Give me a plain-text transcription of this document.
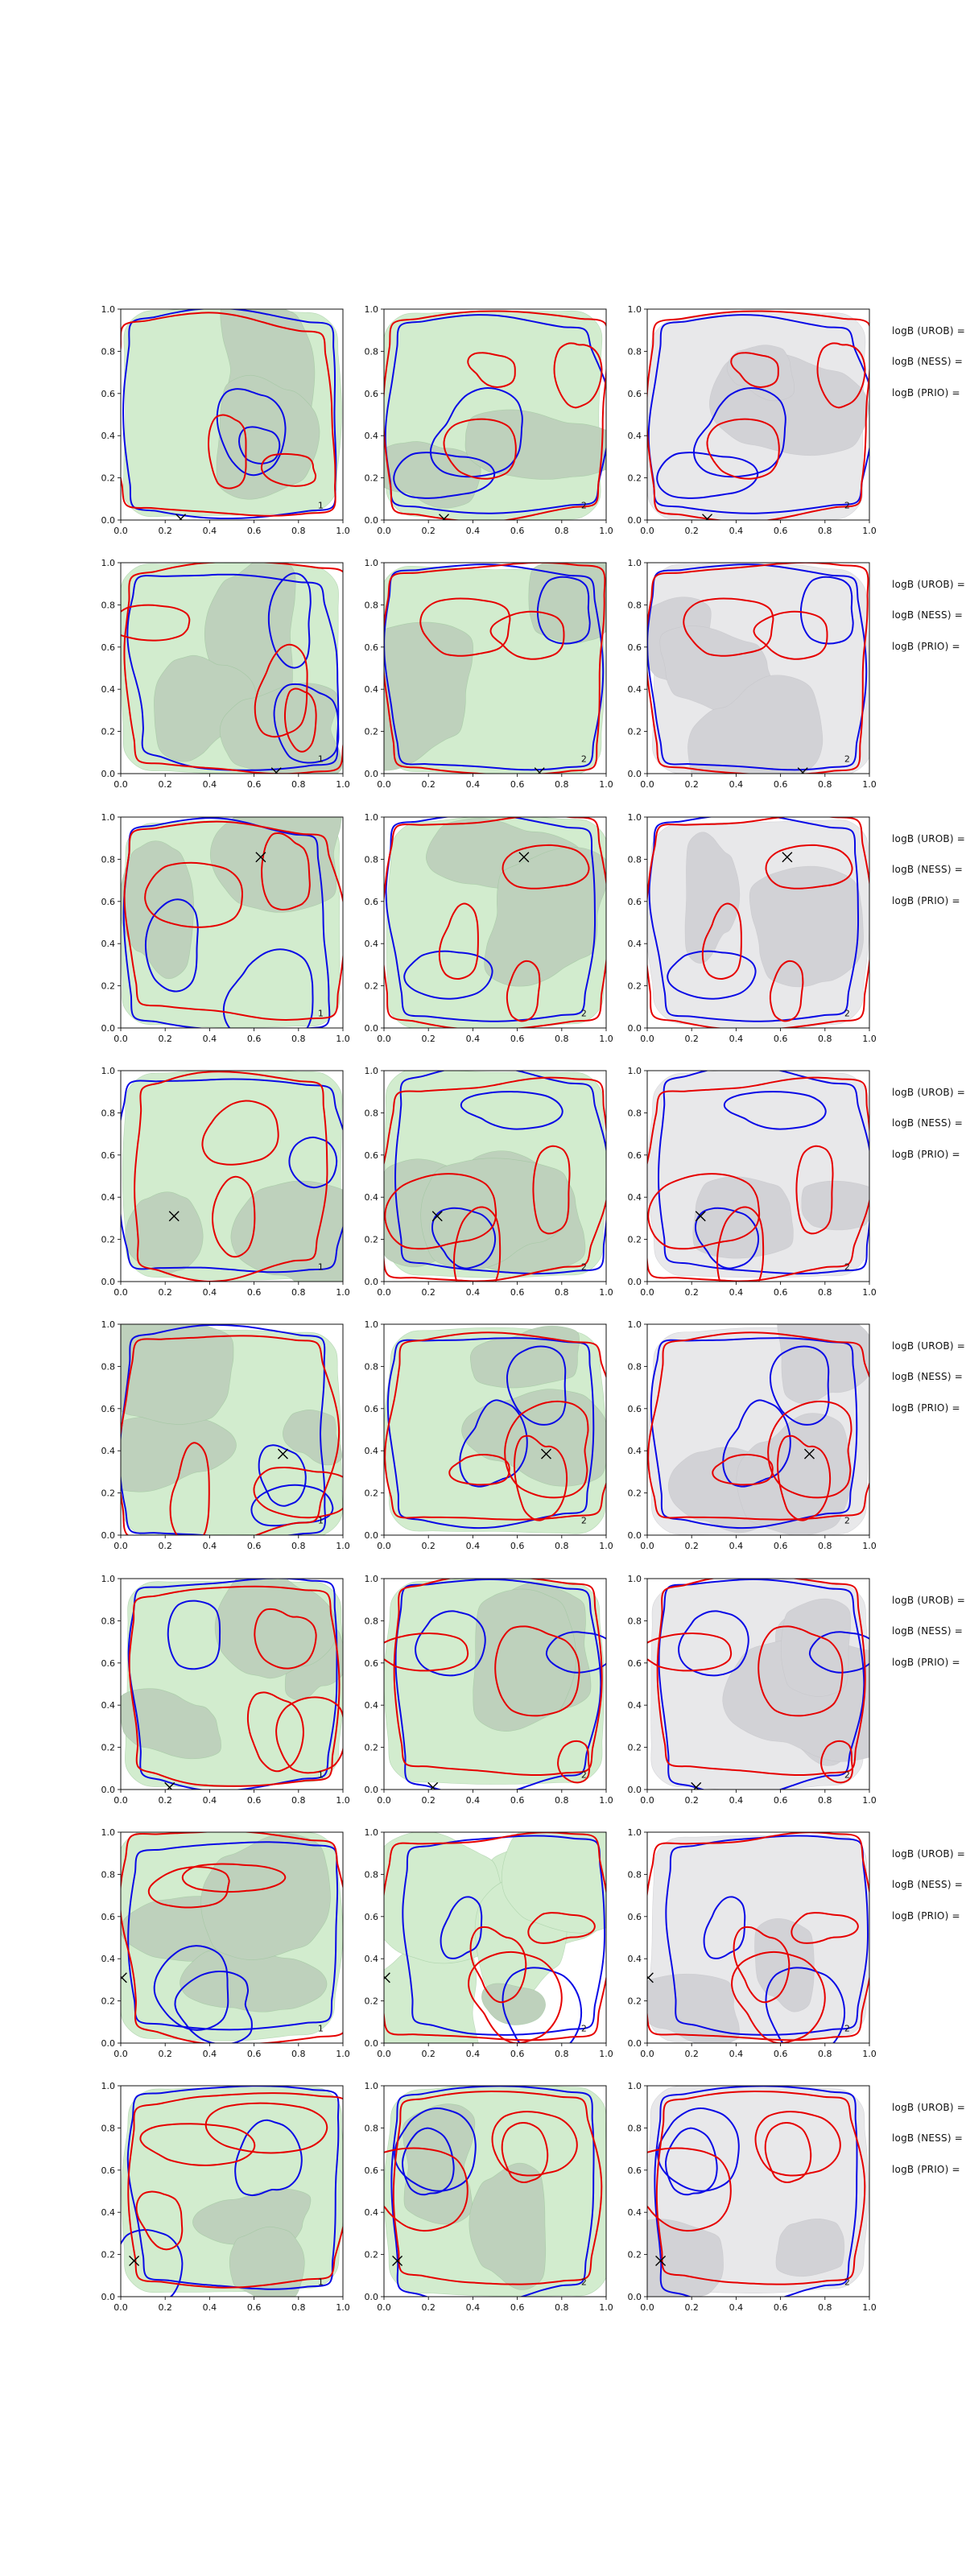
1
0.0	0.2	0.4	0.6	0.8	1.0
0.0
0.2
0.4
0.6
0.8
1.0
2
0.0	0.2	0.4	0.6	0.8	1.0
0.0
0.2
0.4
0.6
0.8
1.0
2
0.0	0.2	0.4	0.6	0.8	1.0
0.0
0.2
0.4
0.6
0.8
1.0
logB (UROB) =
logB (NESS) =
logB (PRIO) =
1
0.0	0.2	0.4	0.6	0.8	1.0
0.0
0.2
0.4
0.6
0.8
1.0
2
0.0	0.2	0.4	0.6	0.8	1.0
0.0
0.2
0.4
0.6
0.8
1.0
2
0.0	0.2	0.4	0.6	0.8	1.0
0.0
0.2
0.4
0.6
0.8
1.0
logB (UROB) =
logB (NESS) =
logB (PRIO) =
1
0.0	0.2	0.4	0.6	0.8	1.0
0.0
0.2
0.4
0.6
0.8
1.0
2
0.0	0.2	0.4	0.6	0.8	1.0
0.0
0.2
0.4
0.6
0.8
1.0
2
0.0	0.2	0.4	0.6	0.8	1.0
0.0
0.2
0.4
0.6
0.8
1.0
logB (UROB) =
logB (NESS) =
logB (PRIO) =
1
0.0	0.2	0.4	0.6	0.8	1.0
0.0
0.2
0.4
0.6
0.8
1.0
2
0.0	0.2	0.4	0.6	0.8	1.0
0.0
0.2
0.4
0.6
0.8
1.0
2
0.0	0.2	0.4	0.6	0.8	1.0
0.0
0.2
0.4
0.6
0.8
1.0
logB (UROB) =
logB (NESS) =
logB (PRIO) =
1
0.0	0.2	0.4	0.6	0.8	1.0
0.0
0.2
0.4
0.6
0.8
1.0
2
0.0	0.2	0.4	0.6	0.8	1.0
0.0
0.2
0.4
0.6
0.8
1.0
2
0.0	0.2	0.4	0.6	0.8	1.0
0.0
0.2
0.4
0.6
0.8
1.0
logB (UROB) =
logB (NESS) =
logB (PRIO) =
1
0.0	0.2	0.4	0.6	0.8	1.0
0.0
0.2
0.4
0.6
0.8
1.0
2
0.0	0.2	0.4	0.6	0.8	1.0
0.0
0.2
0.4
0.6
0.8
1.0
2
0.0	0.2	0.4	0.6	0.8	1.0
0.0
0.2
0.4
0.6
0.8
1.0
logB (UROB) =
logB (NESS) =
logB (PRIO) =
1
0.0	0.2	0.4	0.6	0.8	1.0
0.0
0.2
0.4
0.6
0.8
1.0
2
0.0	0.2	0.4	0.6	0.8	1.0
0.0
0.2
0.4
0.6
0.8
1.0
2
0.0	0.2	0.4	0.6	0.8	1.0
0.0
0.2
0.4
0.6
0.8
1.0
logB (UROB) =
logB (NESS) =
logB (PRIO) =
1
0.0	0.2	0.4	0.6	0.8	1.0
0.0
0.2
0.4
0.6
0.8
1.0
2
0.0	0.2	0.4	0.6	0.8	1.0
0.0
0.2
0.4
0.6
0.8
1.0
2
0.0	0.2	0.4	0.6	0.8	1.0
0.0
0.2
0.4
0.6
0.8
1.0
logB (UROB) =
logB (NESS) =
logB (PRIO) =
